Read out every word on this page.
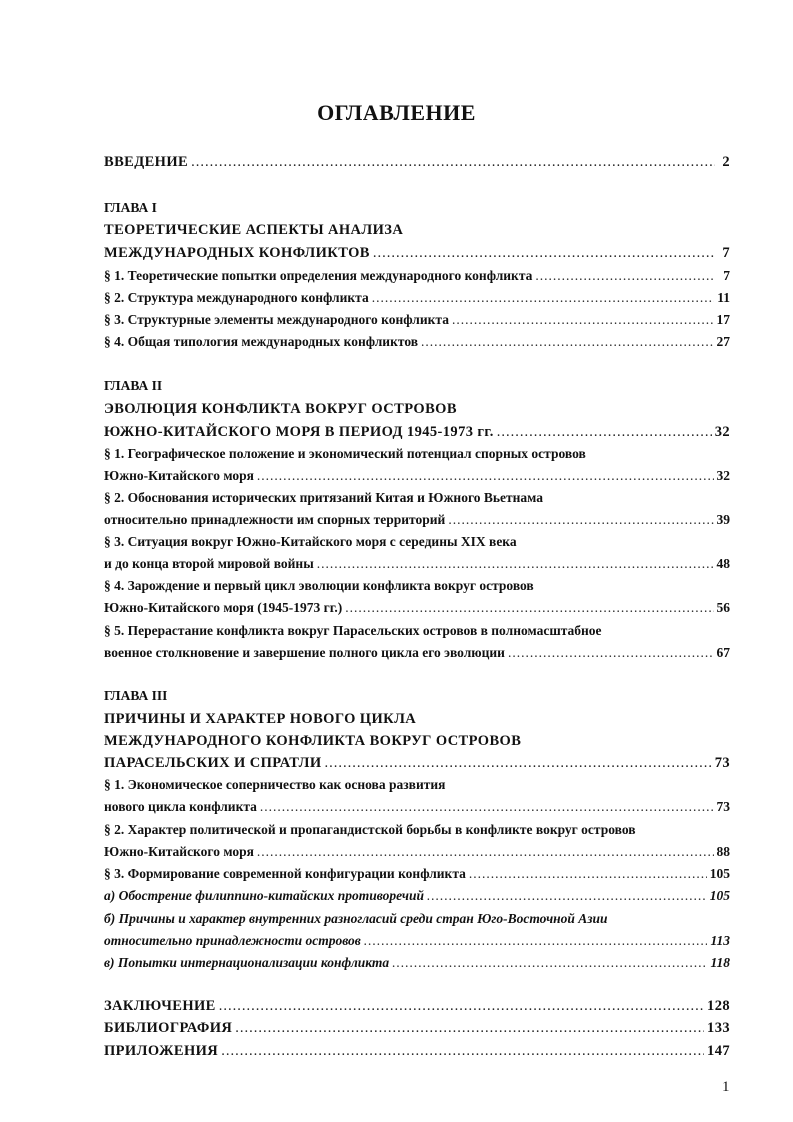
ОГЛАВЛЕНИЕ
ВВЕДЕНИЕ .....	2
ГЛАВА I
ТЕОРЕТИЧЕСКИЕ АСПЕКТЫ АНАЛИЗА
МЕЖДУНАРОДНЫХ КОНФЛИКТОВ .....	7
§ 1. Теоретические попытки определения международного конфликта .....	7
§ 2. Структура международного конфликта .....	11
§ 3. Структурные элементы международного конфликта .....	17
§ 4. Общая типология международных конфликтов .....	27
ГЛАВА II
ЭВОЛЮЦИЯ КОНФЛИКТА ВОКРУГ ОСТРОВОВ
ЮЖНО-КИТАЙСКОГО МОРЯ В ПЕРИОД 1945-1973 гг. .....	32
§ 1. Географическое положение и экономический потенциал спорных островов
Южно-Китайского моря .....	32
§ 2. Обоснования исторических притязаний Китая и Южного Вьетнама
относительно принадлежности им спорных территорий .....	39
§ 3. Ситуация вокруг Южно-Китайского моря с середины XIX века
и до конца второй мировой войны .....	48
§ 4. Зарождение и первый цикл эволюции конфликта вокруг островов
Южно-Китайского моря (1945-1973 гг.) .....	56
§ 5. Перерастание конфликта вокруг Парасельских островов в полномасштабное
военное столкновение и завершение полного цикла его эволюции .....	67
ГЛАВА III
ПРИЧИНЫ И ХАРАКТЕР НОВОГО ЦИКЛА
МЕЖДУНАРОДНОГО КОНФЛИКТА ВОКРУГ ОСТРОВОВ
ПАРАСЕЛЬСКИХ И СПРАТЛИ .....	73
§ 1. Экономическое соперничество как основа развития
нового цикла конфликта .....	73
§ 2. Характер политической и пропагандистской борьбы в конфликте вокруг островов
Южно-Китайского моря .....	88
§ 3. Формирование современной конфигурации конфликта .....	105
а) Обострение филиппино-китайских противоречий .....	105
б) Причины и характер внутренних разногласий среди стран Юго-Восточной Азии
относительно принадлежности островов .....	113
в) Попытки интернационализации конфликта .....	118
ЗАКЛЮЧЕНИЕ .....	128
БИБЛИОГРАФИЯ .....	133
ПРИЛОЖЕНИЯ .....	147
1
